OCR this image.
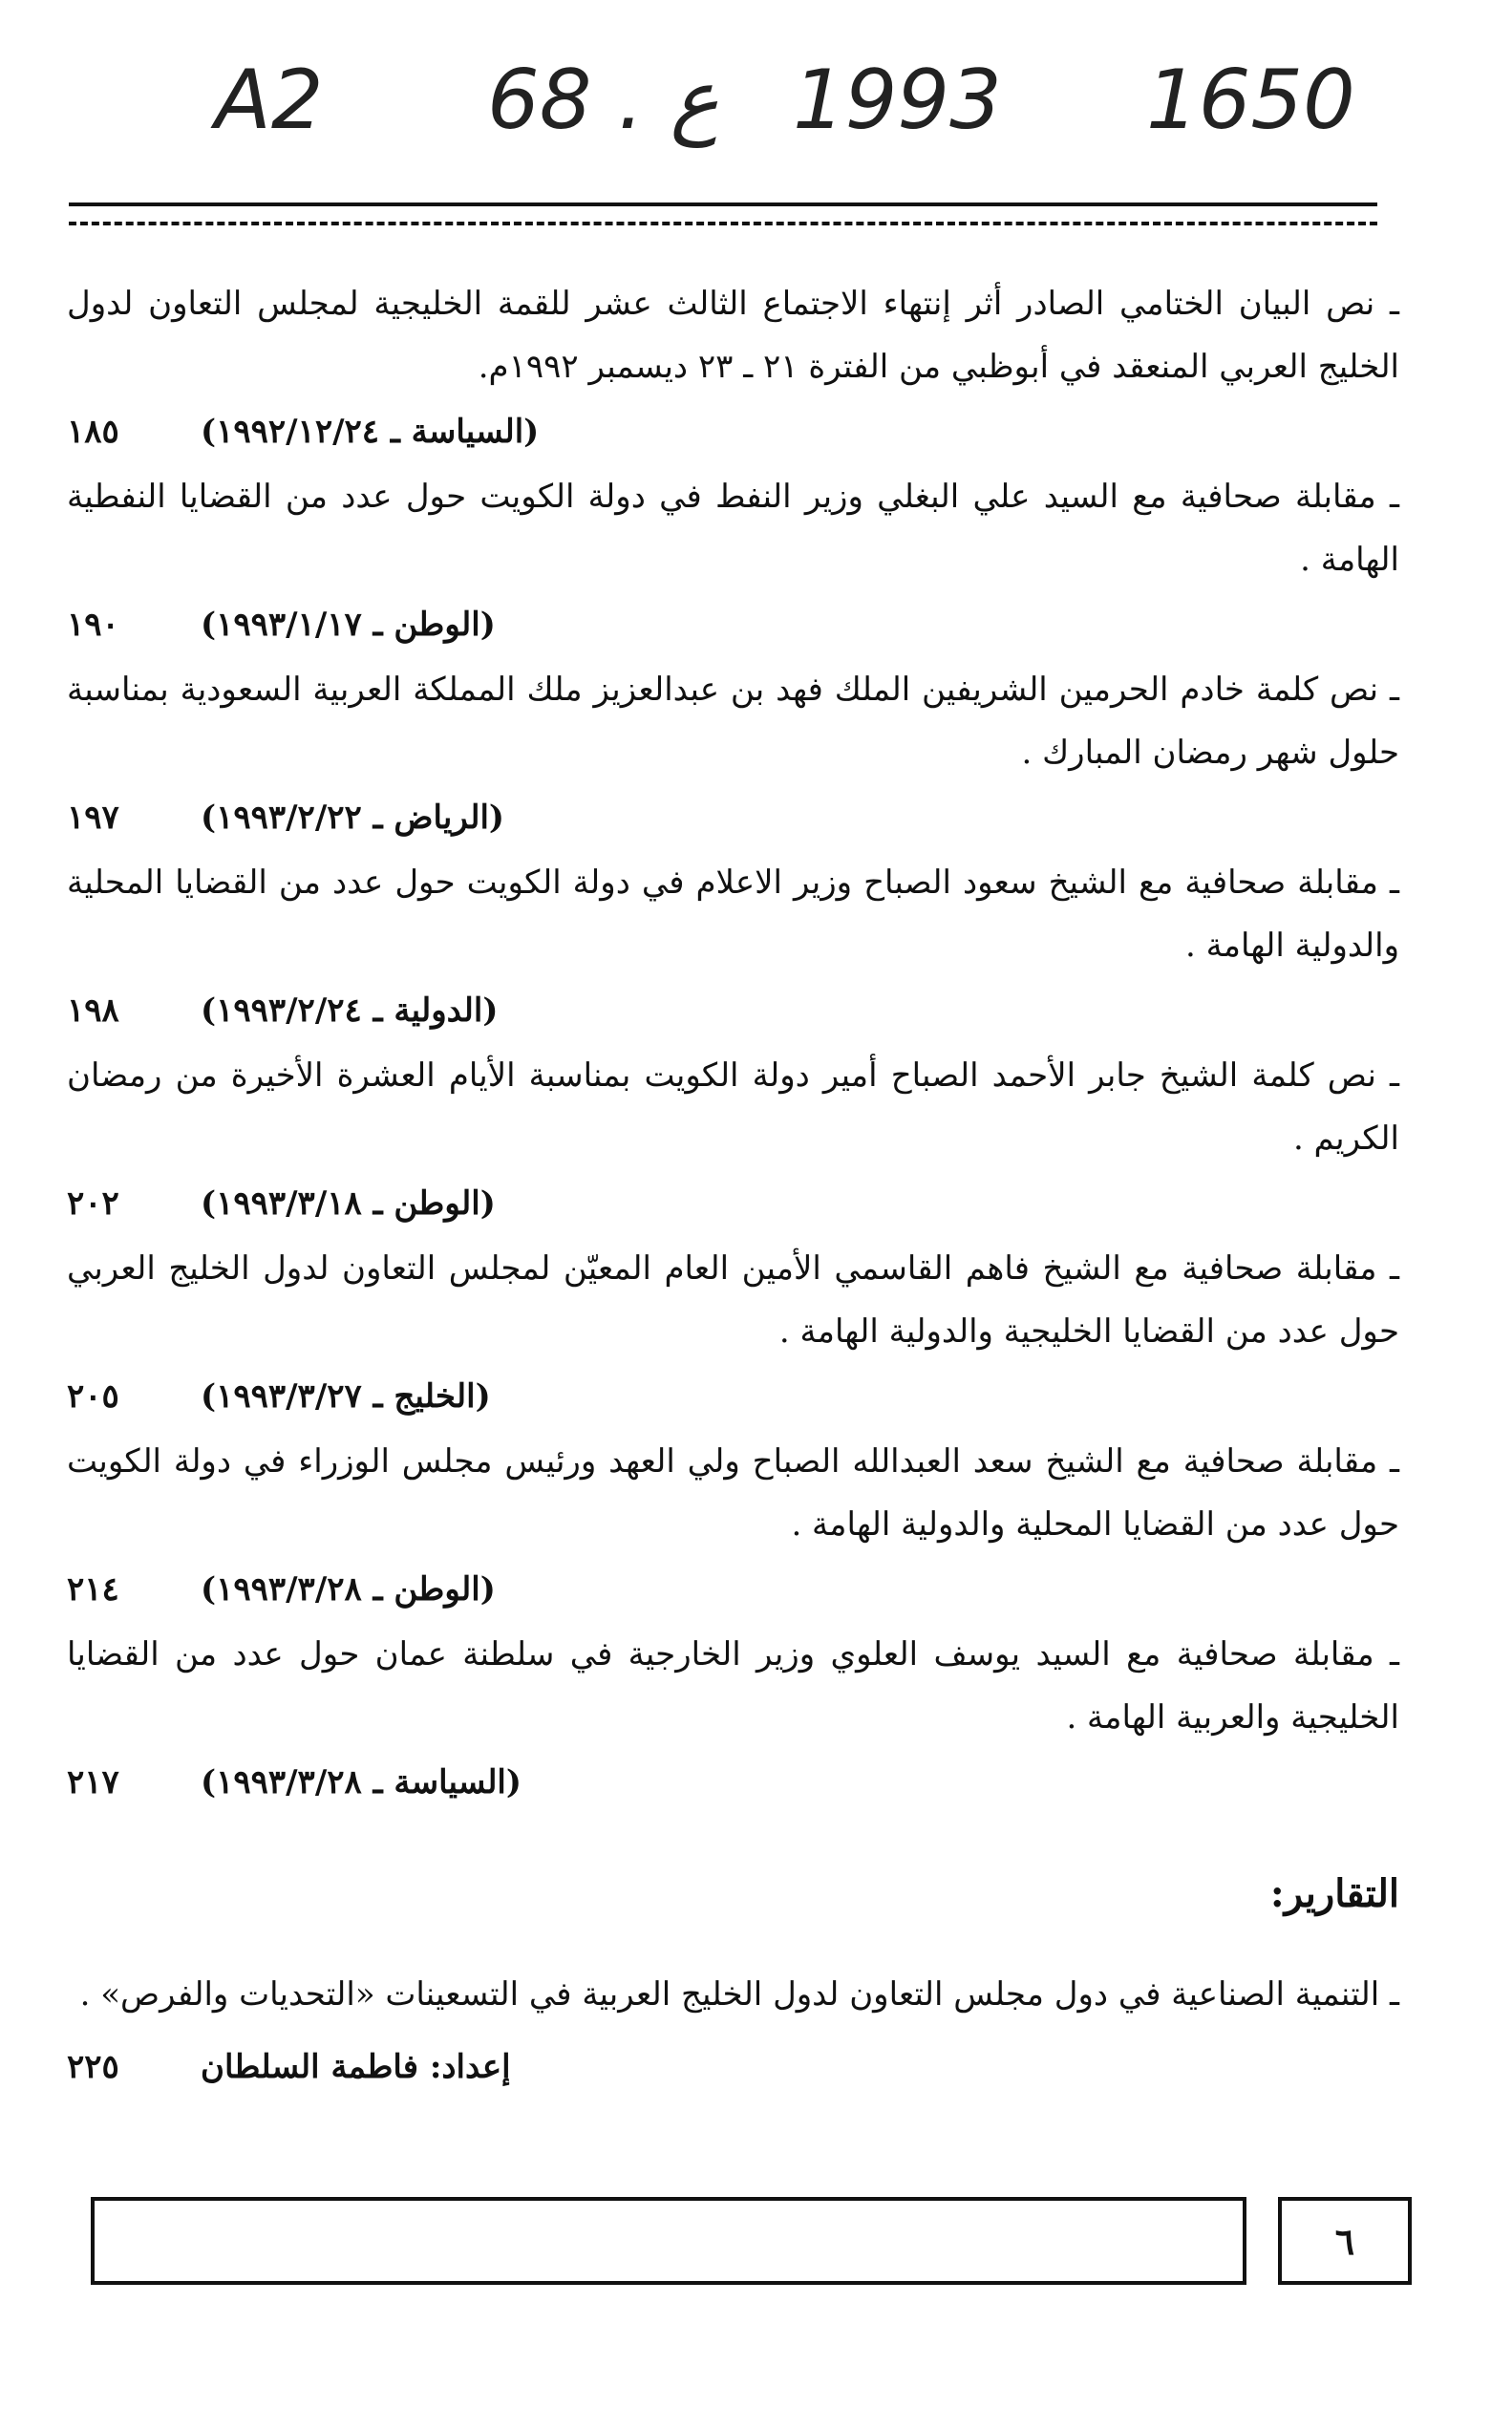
A2 68 . ع 1993 1650

ـ نص البيان الختامي الصادر أثر إنتهاء الاجتماع الثالث عشر للقمة الخليجية لمجلس التعاون لدول الخليج العربي المنعقد في أبوظبي من الفترة ٢١ ـ ٢٣ ديسمبر ١٩٩٢م.

١٨٥	(السياسة ـ ١٩٩٢/١٢/٢٤)

ـ مقابلة صحافية مع السيد علي البغلي وزير النفط في دولة الكويت حول عدد من القضايا النفطية الهامة .

١٩٠	(الوطن ـ ١٩٩٣/١/١٧)

ـ نص كلمة خادم الحرمين الشريفين الملك فهد بن عبدالعزيز ملك المملكة العربية السعودية بمناسبة حلول شهر رمضان المبارك .

١٩٧	(الرياض ـ ١٩٩٣/٢/٢٢)

ـ مقابلة صحافية مع الشيخ سعود الصباح وزير الاعلام في دولة الكويت حول عدد من القضايا المحلية والدولية الهامة .

١٩٨	(الدولية ـ ١٩٩٣/٢/٢٤)

ـ نص كلمة الشيخ جابر الأحمد الصباح أمير دولة الكويت بمناسبة الأيام العشرة الأخيرة من رمضان الكريم .

٢٠٢	(الوطن ـ ١٩٩٣/٣/١٨)

ـ مقابلة صحافية مع الشيخ فاهم القاسمي الأمين العام المعيّن لمجلس التعاون لدول الخليج العربي حول عدد من القضايا الخليجية والدولية الهامة .

٢٠٥	(الخليج ـ ١٩٩٣/٣/٢٧)

ـ مقابلة صحافية مع الشيخ سعد العبدالله الصباح ولي العهد ورئيس مجلس الوزراء في دولة الكويت حول عدد من القضايا المحلية والدولية الهامة .

٢١٤	(الوطن ـ ١٩٩٣/٣/٢٨)

ـ مقابلة صحافية مع السيد يوسف العلوي وزير الخارجية في سلطنة عمان حول عدد من القضايا الخليجية والعربية الهامة .

٢١٧	(السياسة ـ ١٩٩٣/٣/٢٨)
التقارير:

ـ التنمية الصناعية في دول مجلس التعاون لدول الخليج العربية في التسعينات «التحديات والفرص» .

٢٢٥	إعداد: فاطمة السلطان
٦
